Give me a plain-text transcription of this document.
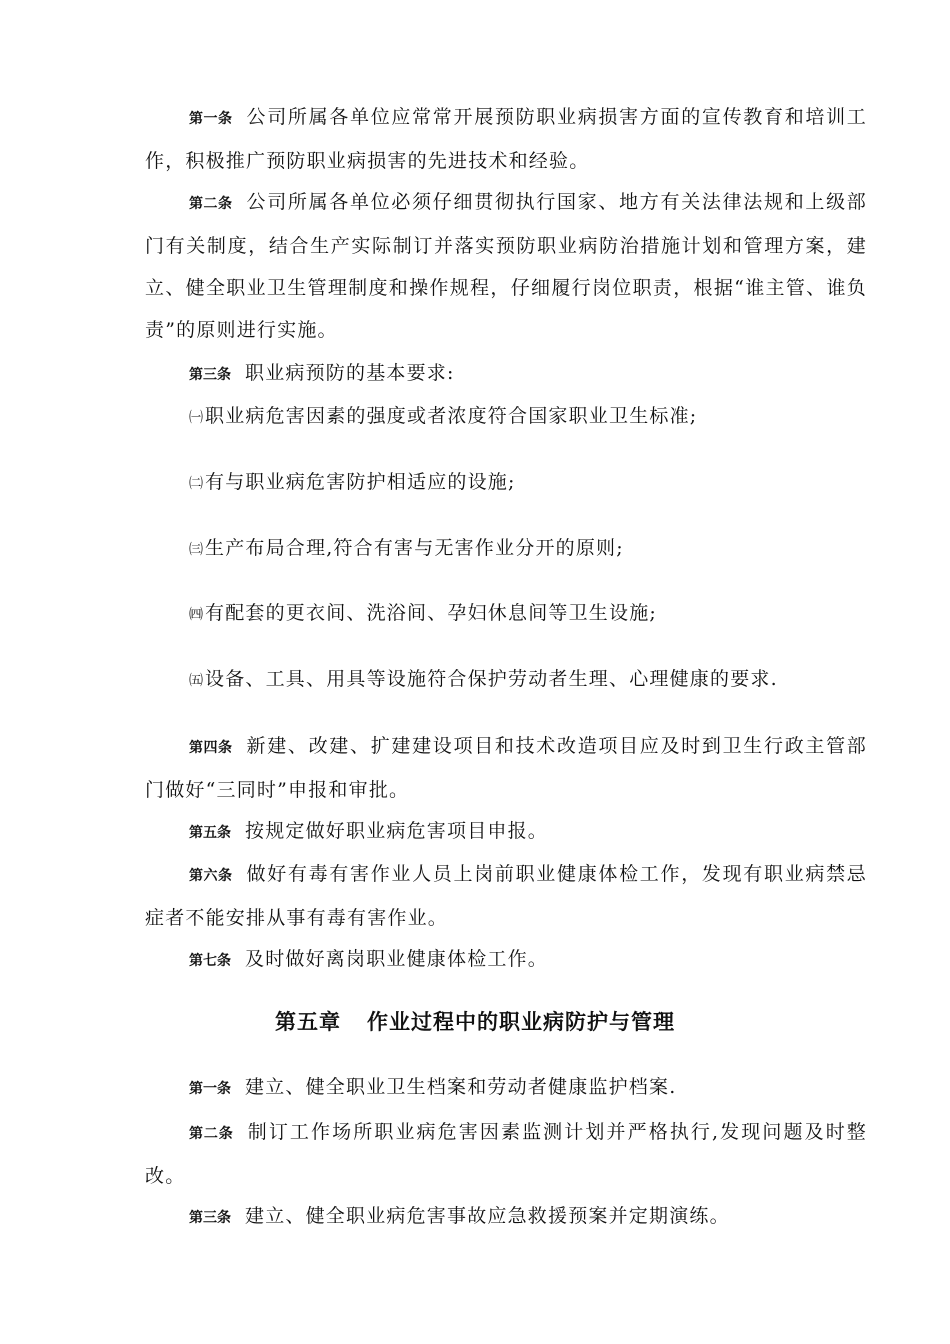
第一条 公司所属各单位应常常开展预防职业病损害方面的宣传教育和培训工作，积极推广预防职业病损害的先进技术和经验。

第二条 公司所属各单位必须仔细贯彻执行国家、地方有关法律法规和上级部门有关制度，结合生产实际制订并落实预防职业病防治措施计划和管理方案，建立、健全职业卫生管理制度和操作规程，仔细履行岗位职责，根据“谁主管、谁负责”的原则进行实施。

第三条 职业病预防的基本要求:

㈠ 职业病危害因素的强度或者浓度符合国家职业卫生标准;

㈡ 有与职业病危害防护相适应的设施;

㈢ 生产布局合理,符合有害与无害作业分开的原则;

㈣ 有配套的更衣间、洗浴间、孕妇休息间等卫生设施;

㈤ 设备、工具、用具等设施符合保护劳动者生理、心理健康的要求.

第四条 新建、改建、扩建建设项目和技术改造项目应及时到卫生行政主管部门做好“三同时”申报和审批。

第五条 按规定做好职业病危害项目申报。

第六条 做好有毒有害作业人员上岗前职业健康体检工作，发现有职业病禁忌症者不能安排从事有毒有害作业。

第七条 及时做好离岗职业健康体检工作。

第五章 作业过程中的职业病防护与管理

第一条 建立、健全职业卫生档案和劳动者健康监护档案.

第二条 制订工作场所职业病危害因素监测计划并严格执行,发现问题及时整改。

第三条 建立、健全职业病危害事故应急救援预案并定期演练。
